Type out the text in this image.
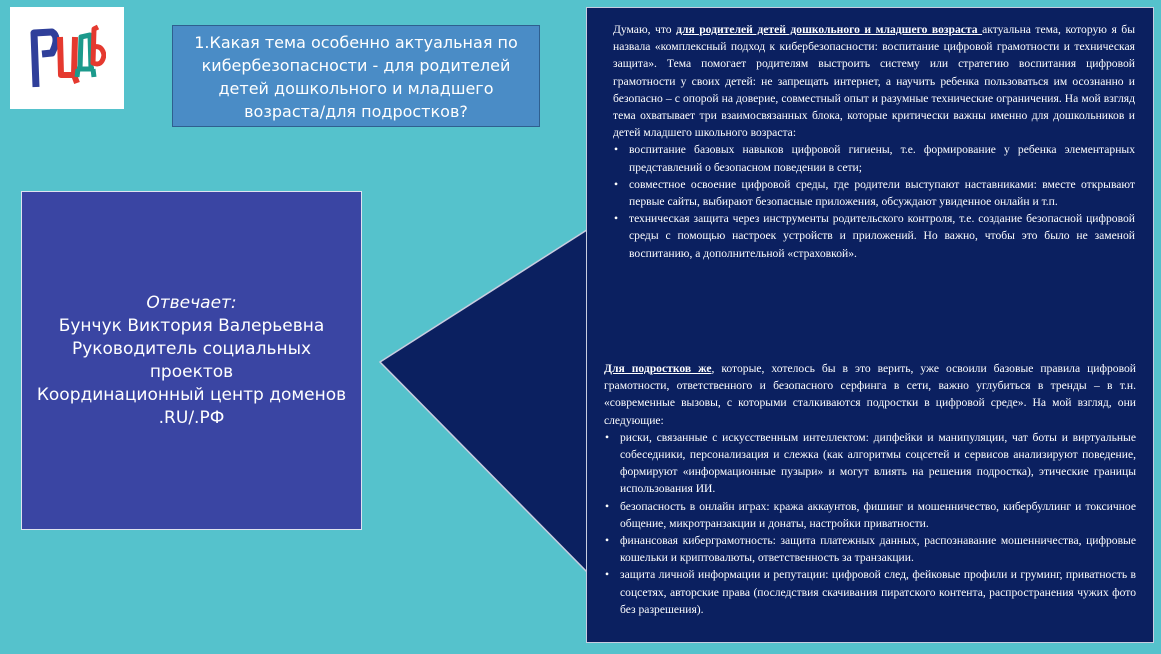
1.Какая тема особенно актуальная по кибербезопасности - для родителей детей дошкольного и младшего возраста/для подростков?
Отвечает:
Бунчук Виктория Валерьевна
Руководитель социальных проектов
Координационный центр доменов
.RU/.РФ

Думаю, что для родителей детей дошкольного и младшего возраста актуальна тема, которую я бы назвала «комплексный подход к кибербезопасности: воспитание цифровой грамотности и техническая защита». Тема помогает родителям выстроить систему или стратегию воспитания цифровой грамотности у своих детей: не запрещать интернет, а научить ребенка пользоваться им осознанно и безопасно – с опорой на доверие, совместный опыт и разумные технические ограничения. На мой взгляд тема охватывает три взаимосвязанных блока, которые критически важны именно для дошкольников и детей младшего школьного возраста:

• воспитание базовых навыков цифровой гигиены, т.е. формирование у ребенка элементарных представлений о безопасном поведении в сети;
• совместное освоение цифровой среды, где родители выступают наставниками: вместе открывают первые сайты, выбирают безопасные приложения, обсуждают увиденное онлайн и т.п.
• техническая защита через инструменты родительского контроля, т.е. создание безопасной цифровой среды с помощью настроек устройств и приложений. Но важно, чтобы это было не заменой воспитанию, а дополнительной «страховкой».

Для подростков же, которые, хотелось бы в это верить, уже освоили базовые правила цифровой грамотности, ответственного и безопасного серфинга в сети, важно углубиться в тренды – в т.н. «современные вызовы, с которыми сталкиваются подростки в цифровой среде». На мой взгляд, они следующие:

• риски, связанные с искусственным интеллектом: дипфейки и манипуляции, чат боты и виртуальные собеседники, персонализация и слежка (как алгоритмы соцсетей и сервисов анализируют поведение, формируют «информационные пузыри» и могут влиять на решения подростка), этические границы использования ИИ.
• безопасность в онлайн играх: кража аккаунтов, фишинг и мошенничество, кибербуллинг и токсичное общение, микротранзакции и донаты, настройки приватности.
• финансовая киберграмотность: защита платежных данных, распознавание мошенничества, цифровые кошельки и криптовалюты, ответственность за транзакции.
• защита личной информации и репутации: цифровой след, фейковые профили и груминг, приватность в соцсетях, авторские права (последствия скачивания пиратского контента, распространения чужих фото без разрешения).
